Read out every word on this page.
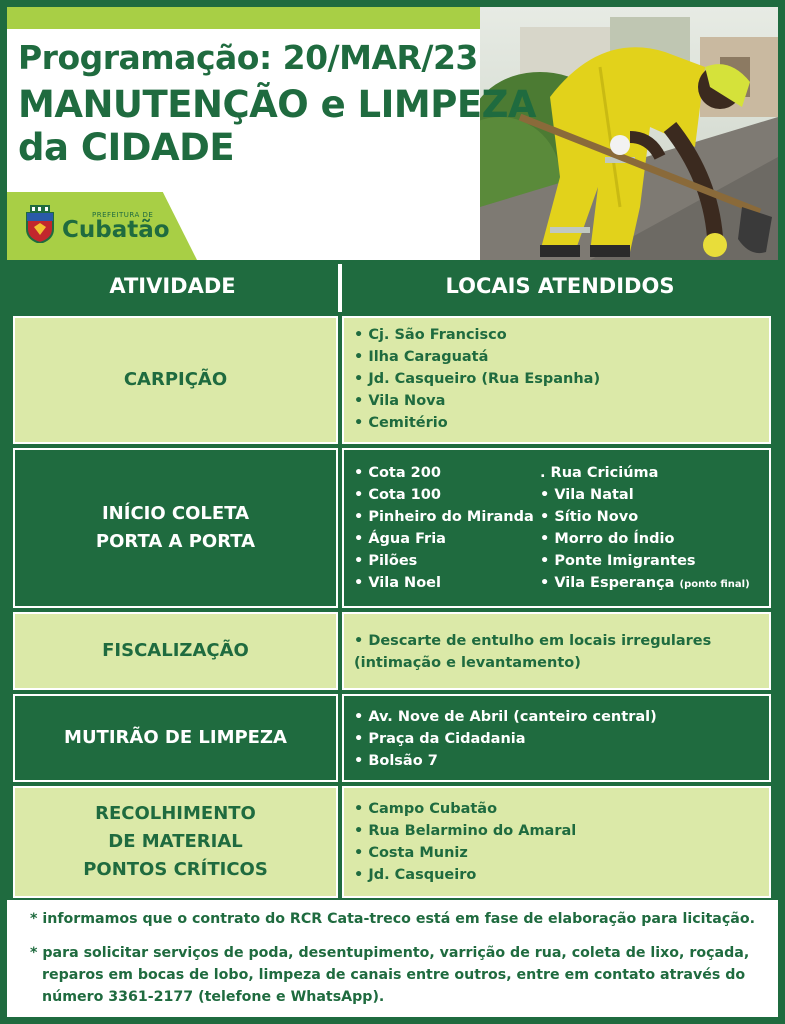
Programação: 20/MAR/23
MANUTENÇÃO e LIMPEZA
da CIDADE
PREFEITURA DE
Cubatão
ATIVIDADE	LOCAIS ATENDIDOS
CARPIÇÃO
• Cj. São Francisco
• Ilha Caraguatá
• Jd. Casqueiro (Rua Espanha)
• Vila Nova
• Cemitério
INÍCIO COLETA
PORTA A PORTA
• Cota 200
• Cota 100
• Pinheiro do Miranda
• Água Fria
• Pilões
• Vila Noel
. Rua Criciúma
• Vila Natal
• Sítio Novo
• Morro do Índio
• Ponte Imigrantes
• Vila Esperança (ponto final)
FISCALIZAÇÃO	• Descarte de entulho em locais irregulares
(intimação e levantamento)
MUTIRÃO DE LIMPEZA
• Av. Nove de Abril (canteiro central)
• Praça da Cidadania
• Bolsão 7
RECOLHIMENTO
DE MATERIAL
PONTOS CRÍTICOS
• Campo Cubatão
• Rua Belarmino do Amaral
• Costa Muniz
• Jd. Casqueiro
* informamos que o contrato do RCR Cata-treco está em fase de elaboração para licitação.
* para solicitar serviços de poda, desentupimento, varrição de rua, coleta de lixo, roçada,
reparos em bocas de lobo, limpeza de canais entre outros, entre em contato através do
número 3361-2177 (telefone e WhatsApp).
